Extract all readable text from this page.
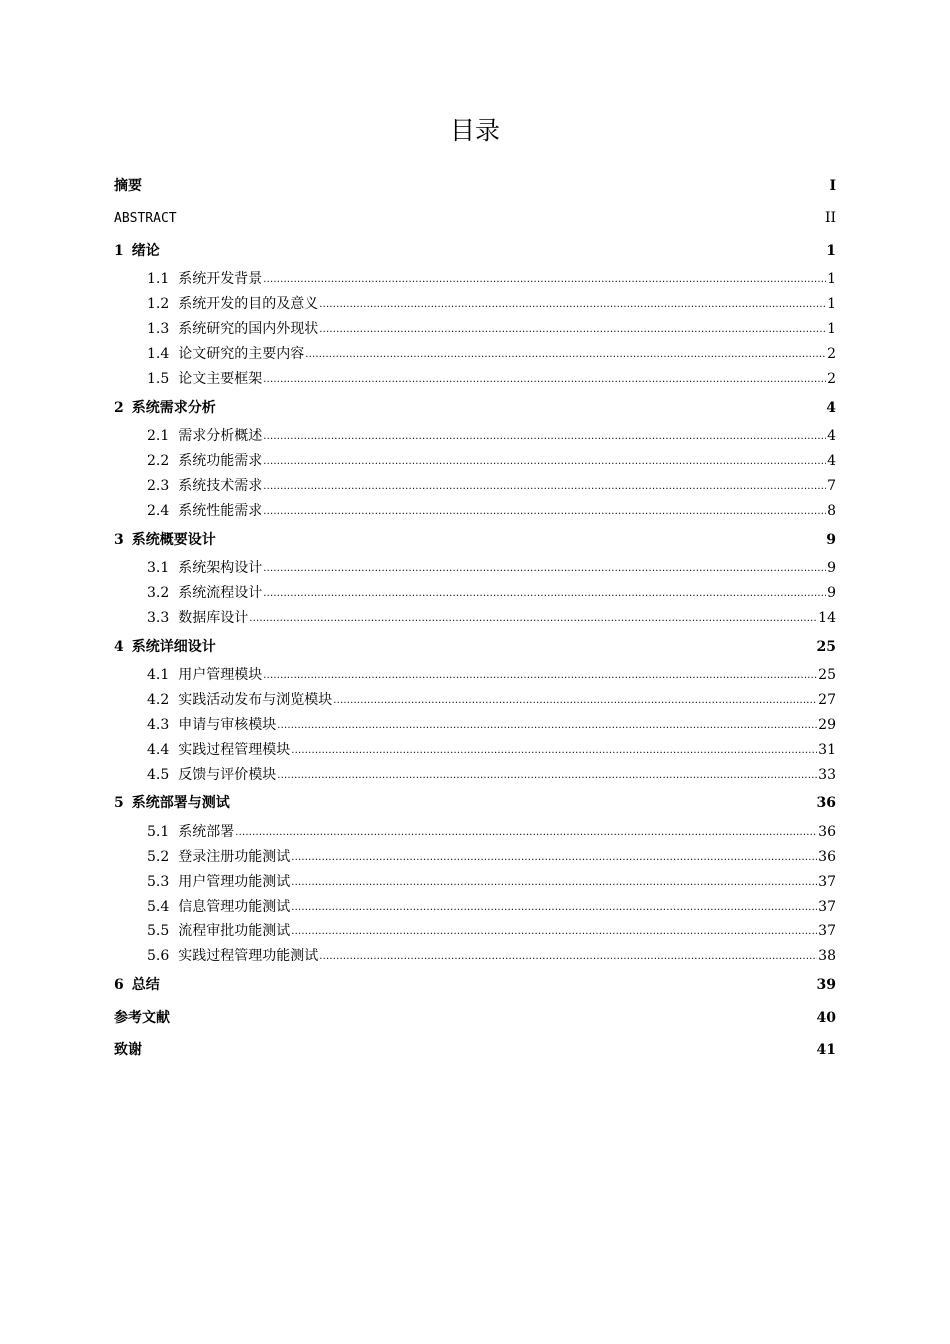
目录
摘要 . . .	I
ABSTRACT . . .	II
1 绪论 . . .	1
1.1 系统开发背景 .....	1
1.2 系统开发的目的及意义 .....	1
1.3 系统研究的国内外现状 .....	1
1.4 论文研究的主要内容 .....	2
1.5 论文主要框架 .....	2
2 系统需求分析 . . .	4
2.1 需求分析概述 .....	4
2.2 系统功能需求 .....	4
2.3 系统技术需求 .....	7
2.4 系统性能需求 .....	8
3 系统概要设计 . . .	9
3.1 系统架构设计 .....	9
3.2 系统流程设计 .....	9
3.3 数据库设计 .....	14
4 系统详细设计 . . .	25
4.1 用户管理模块 .....	25
4.2 实践活动发布与浏览模块 .....	27
4.3 申请与审核模块 .....	29
4.4 实践过程管理模块 .....	31
4.5 反馈与评价模块 .....	33
5 系统部署与测试 . . .	36
5.1 系统部署 .....	36
5.2 登录注册功能测试 .....	36
5.3 用户管理功能测试 .....	37
5.4 信息管理功能测试 .....	37
5.5 流程审批功能测试 .....	37
5.6 实践过程管理功能测试 .....	38
6 总结 . . .	39
参考文献 . . .	40
致谢 . . .	41
